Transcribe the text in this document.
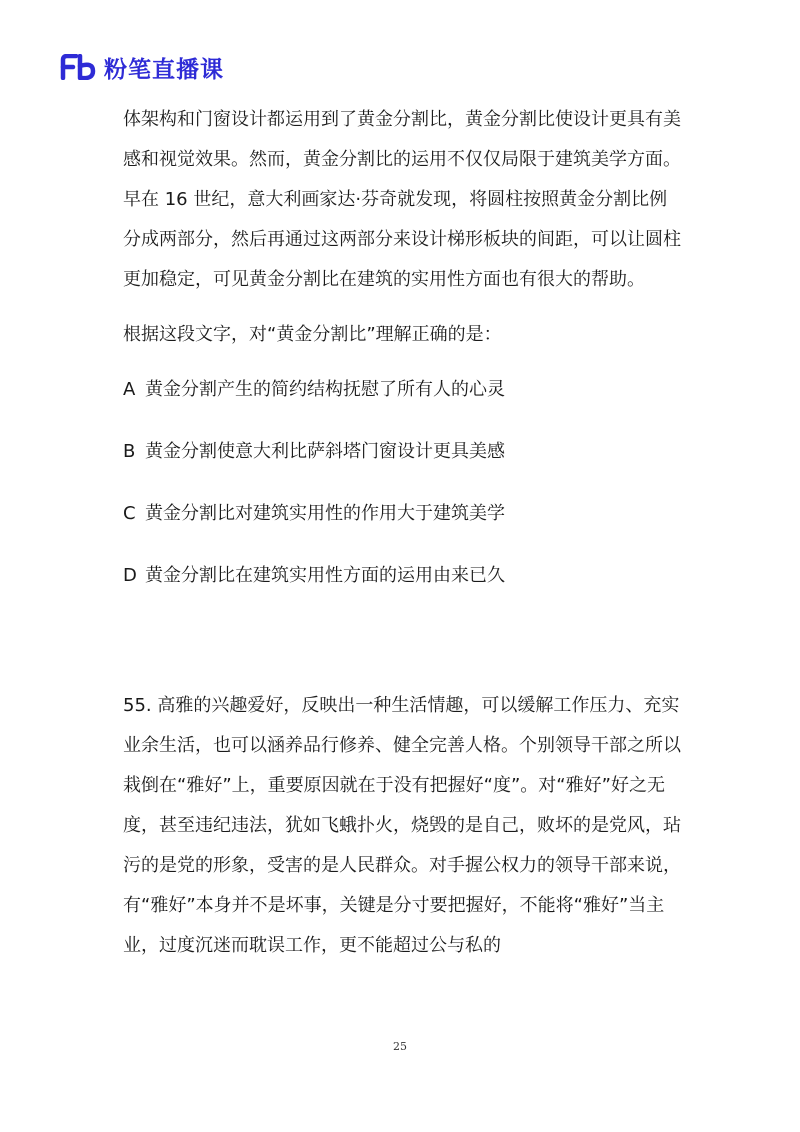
粉笔直播课

体架构和门窗设计都运用到了黄金分割比，黄金分割比使设计更具有美感和视觉效果。然而，黄金分割比的运用不仅仅局限于建筑美学方面。早在 16 世纪，意大利画家达·芬奇就发现，将圆柱按照黄金分割比例分成两部分，然后再通过这两部分来设计梯形板块的间距，可以让圆柱更加稳定，可见黄金分割比在建筑的实用性方面也有很大的帮助。

根据这段文字，对“黄金分割比”理解正确的是：

A 黄金分割产生的简约结构抚慰了所有人的心灵

B 黄金分割使意大利比萨斜塔门窗设计更具美感

C 黄金分割比对建筑实用性的作用大于建筑美学

D 黄金分割比在建筑实用性方面的运用由来已久

55. 高雅的兴趣爱好，反映出一种生活情趣，可以缓解工作压力、充实业余生活，也可以涵养品行修养、健全完善人格。个别领导干部之所以栽倒在“雅好”上，重要原因就在于没有把握好“度”。对“雅好”好之无度，甚至违纪违法，犹如飞蛾扑火，烧毁的是自己，败坏的是党风，玷污的是党的形象，受害的是人民群众。对手握公权力的领导干部来说，有“雅好”本身并不是坏事，关键是分寸要把握好，不能将“雅好”当主业，过度沉迷而耽误工作，更不能超过公与私的

25
